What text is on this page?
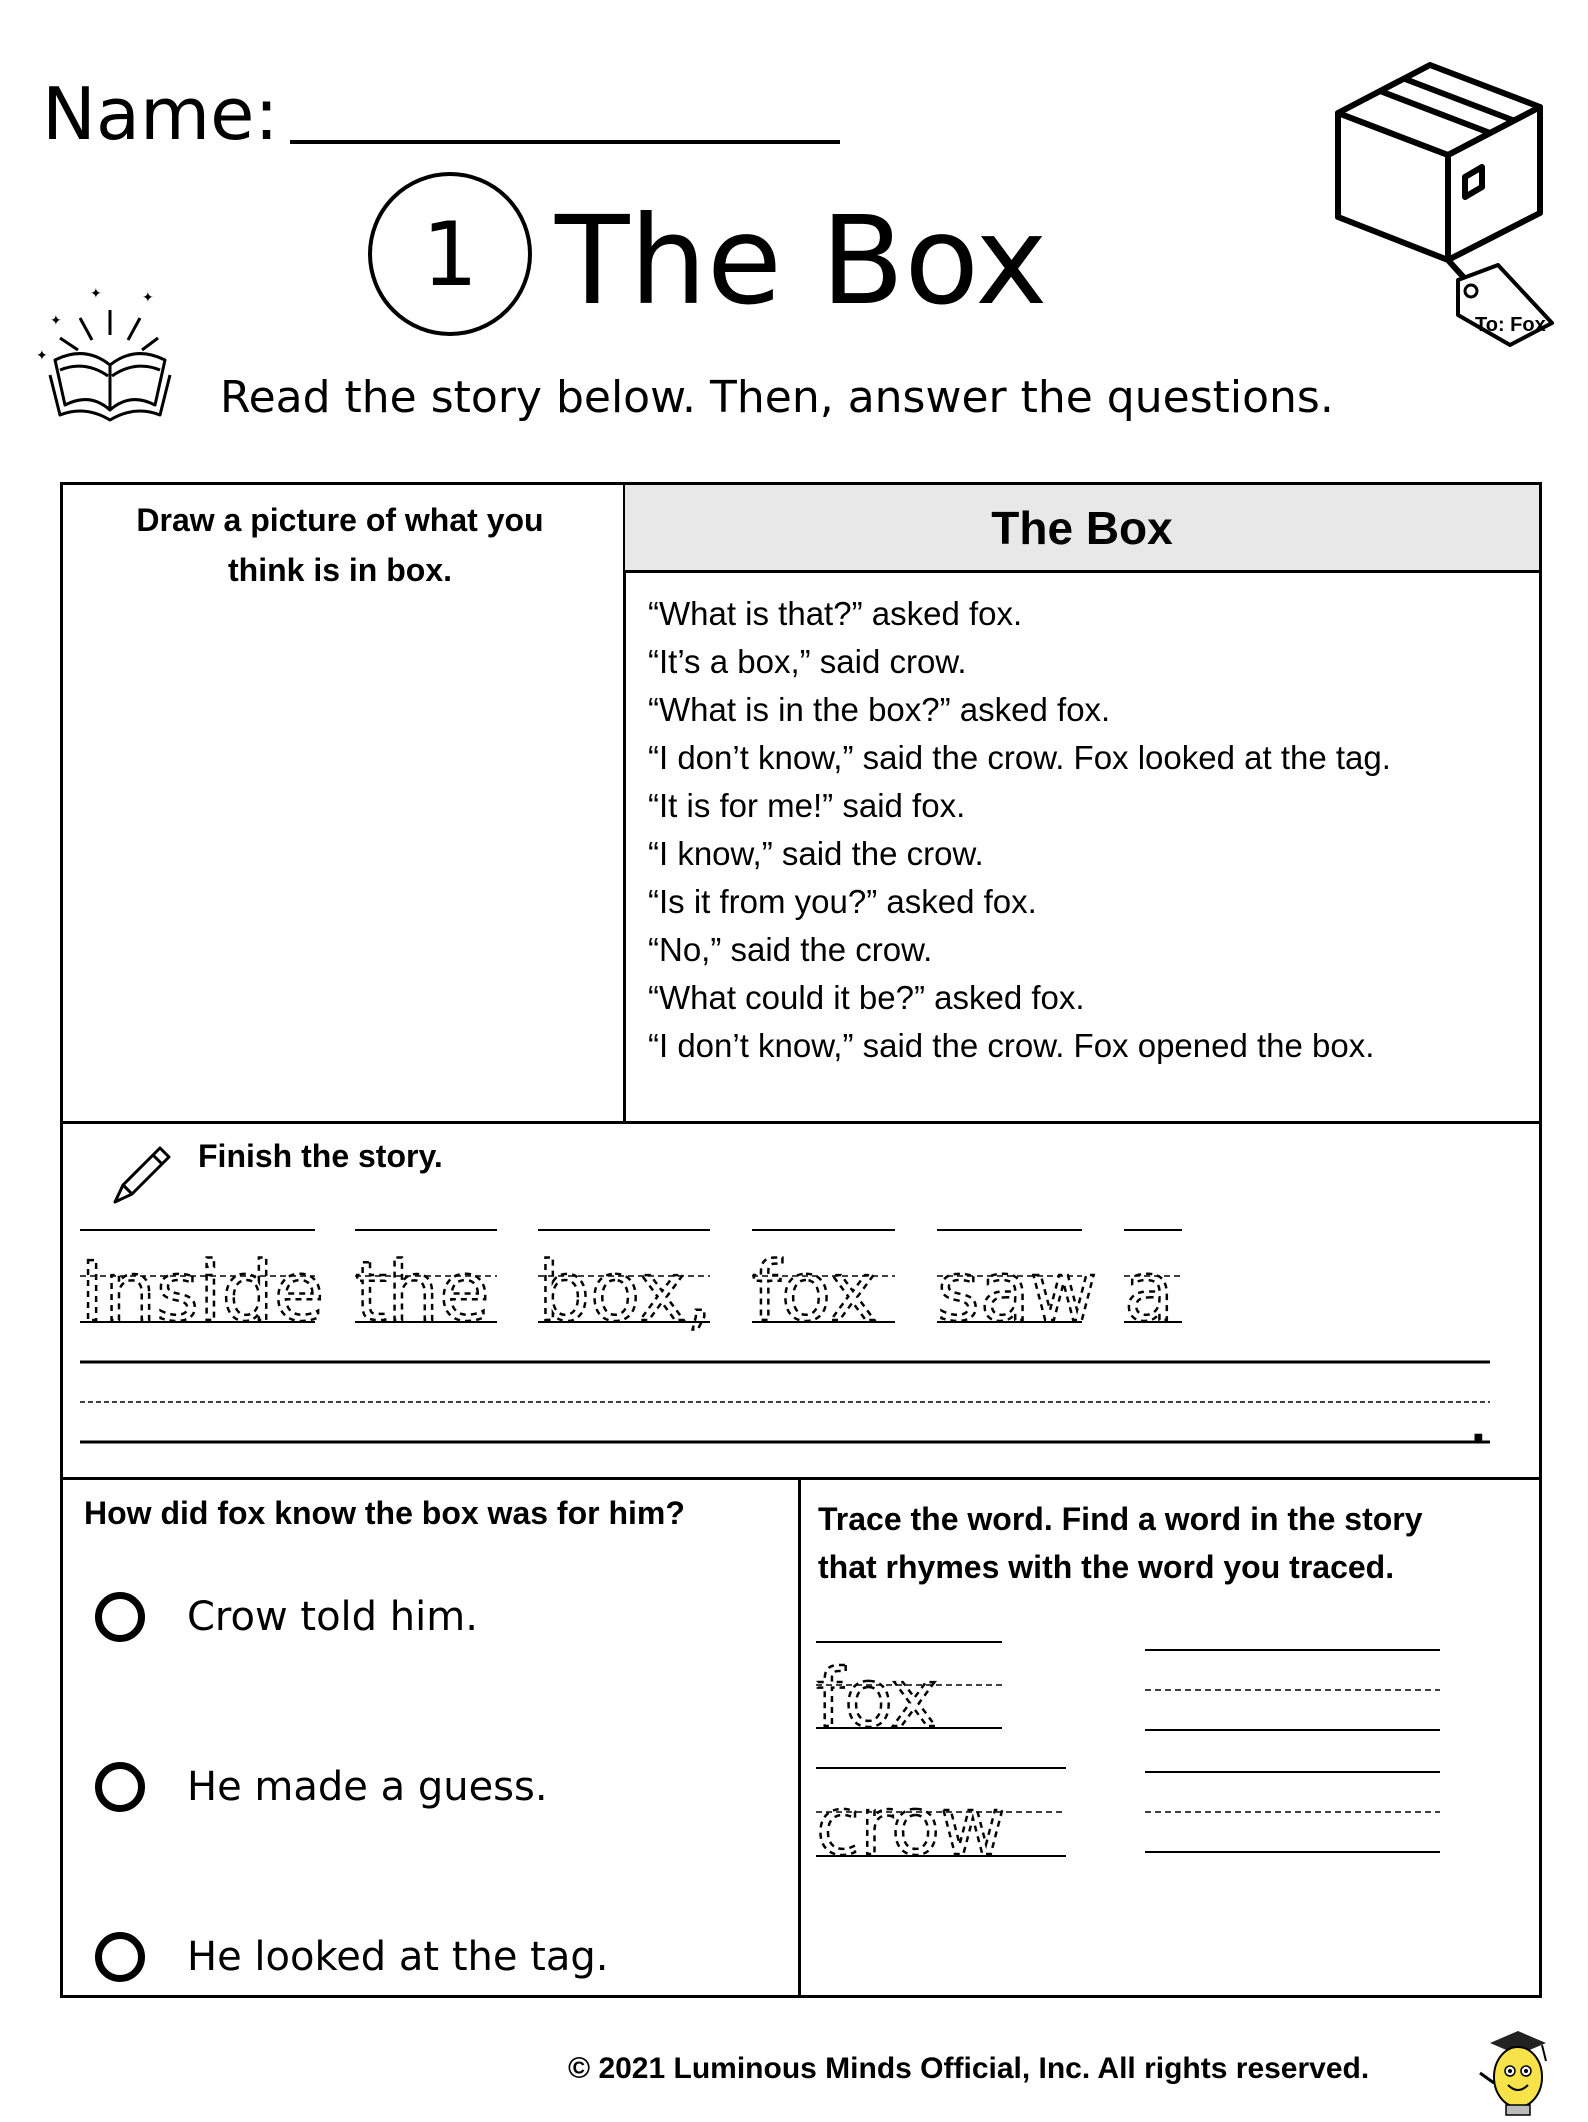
Name:
1 The Box	To: Fox
✦
✦
✦
✦
Read the story below. Then, answer the questions.
Draw a picture of what you
think is in box.
The Box
“What is that?” asked fox.
“It’s a box,” said crow.
“What is in the box?” asked fox.
“I don’t know,” said the crow. Fox looked at the tag.
“It is for me!” said fox.
“I know,” said the crow.
“Is it from you?” asked fox.
“No,” said the crow.
“What could it be?” asked fox.
“I don’t know,” said the crow. Fox opened the box.
Finish the story.
Inside the box, fox saw a
.
How did fox know the box was for him?
Crow told him.
He made a guess.
He looked at the tag.
Trace the word. Find a word in the story
that rhymes with the word you traced.
fox
crow
© 2021 Luminous Minds Official, Inc. All rights reserved.
